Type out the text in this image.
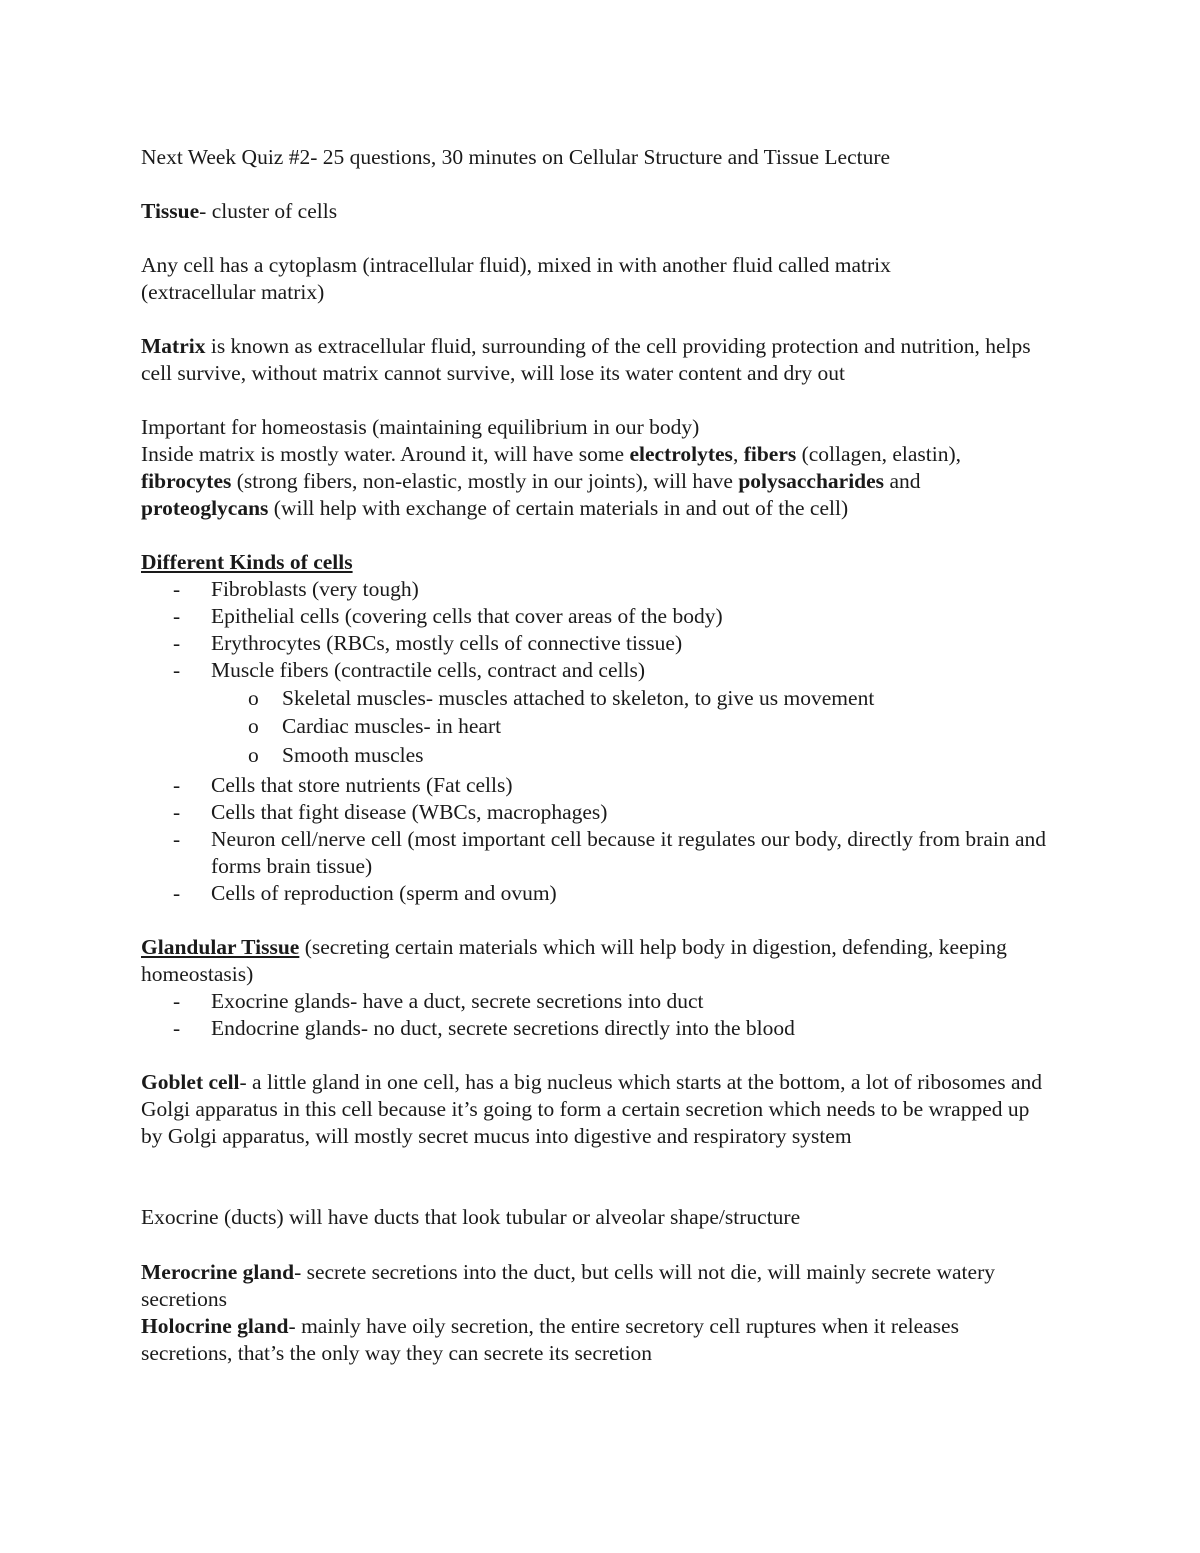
Next Week Quiz #2- 25 questions, 30 minutes on Cellular Structure and Tissue Lecture

Tissue- cluster of cells

Any cell has a cytoplasm (intracellular fluid), mixed in with another fluid called matrix
(extracellular matrix)

Matrix is known as extracellular fluid, surrounding of the cell providing protection and nutrition, helps cell survive, without matrix cannot survive, will lose its water content and dry out

Important for homeostasis (maintaining equilibrium in our body)

Inside matrix is mostly water. Around it, will have some electrolytes, fibers (collagen, elastin), fibrocytes (strong fibers, non-elastic, mostly in our joints), will have polysaccharides and proteoglycans (will help with exchange of certain materials in and out of the cell)

Different Kinds of cells

- Fibroblasts (very tough)
- Epithelial cells (covering cells that cover areas of the body)
- Erythrocytes (RBCs, mostly cells of connective tissue)
- Muscle fibers (contractile cells, contract and cells)
o Skeletal muscles- muscles attached to skeleton, to give us movement
o Cardiac muscles- in heart
o Smooth muscles
- Cells that store nutrients (Fat cells)
- Cells that fight disease (WBCs, macrophages)
- Neuron cell/nerve cell (most important cell because it regulates our body, directly from brain and forms brain tissue)
- Cells of reproduction (sperm and ovum)

Glandular Tissue (secreting certain materials which will help body in digestion, defending, keeping homeostasis)

- Exocrine glands- have a duct, secrete secretions into duct
- Endocrine glands- no duct, secrete secretions directly into the blood

Goblet cell- a little gland in one cell, has a big nucleus which starts at the bottom, a lot of ribosomes and Golgi apparatus in this cell because it’s going to form a certain secretion which needs to be wrapped up by Golgi apparatus, will mostly secret mucus into digestive and respiratory system

Exocrine (ducts) will have ducts that look tubular or alveolar shape/structure

Merocrine gland- secrete secretions into the duct, but cells will not die, will mainly secrete watery secretions

Holocrine gland- mainly have oily secretion, the entire secretory cell ruptures when it releases secretions, that’s the only way they can secrete its secretion
